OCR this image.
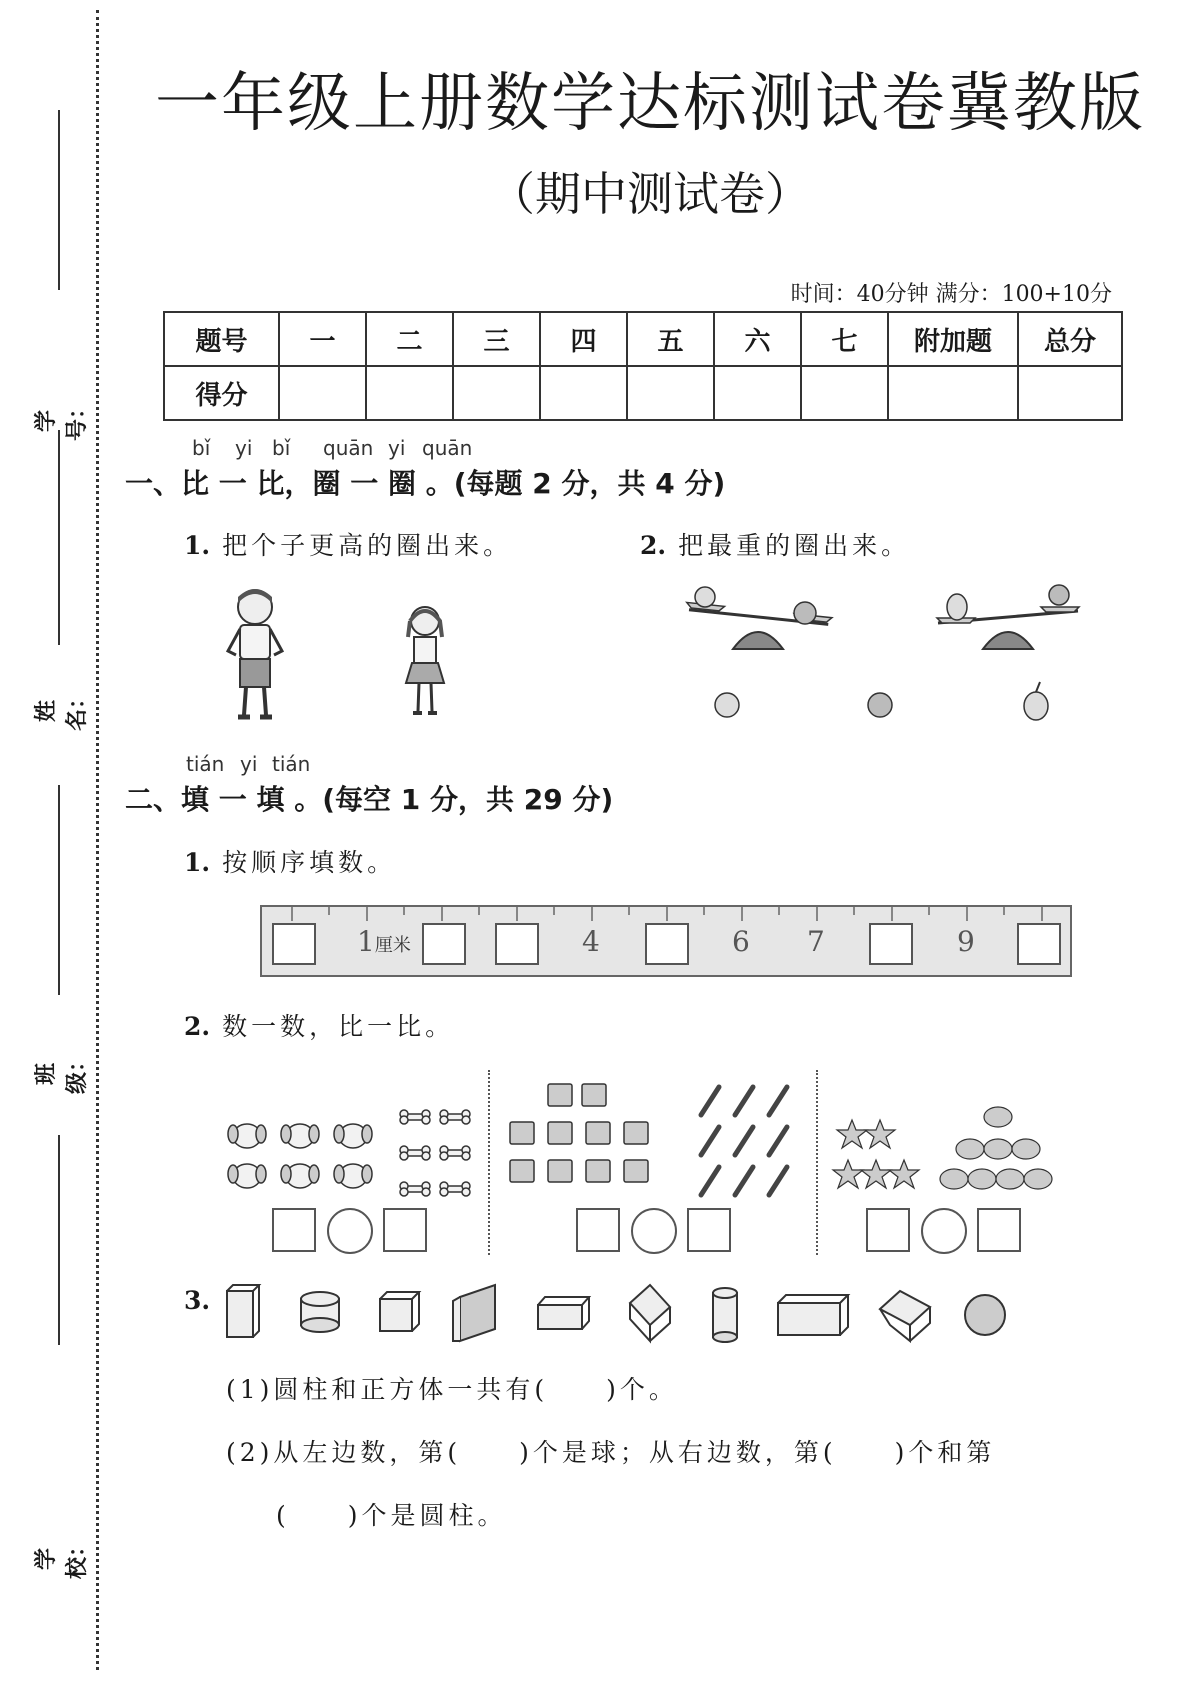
学号：
姓名：
班级：
学校：
一年级上册数学达标测试卷冀教版
（期中测试卷）
时间：40分钟 满分：100+10分
题号	一	二	三	四	五	六	七	附加题	总分
得分									
bǐ yi bǐ quān yi quān
一、比 一 比，圈 一 圈 。(每题 2 分，共 4 分)
1. 把个子更高的圈出来。	2. 把最重的圈出来。
tián yi tián
二、填 一 填 。(每空 1 分，共 29 分)
1. 按顺序填数。
1厘米	4	6 7	9
2. 数一数，比一比。
3.
(1)圆柱和正方体一共有(　　)个。
(2)从左边数，第(　　)个是球；从右边数，第(　　)个和第
(　　)个是圆柱。
